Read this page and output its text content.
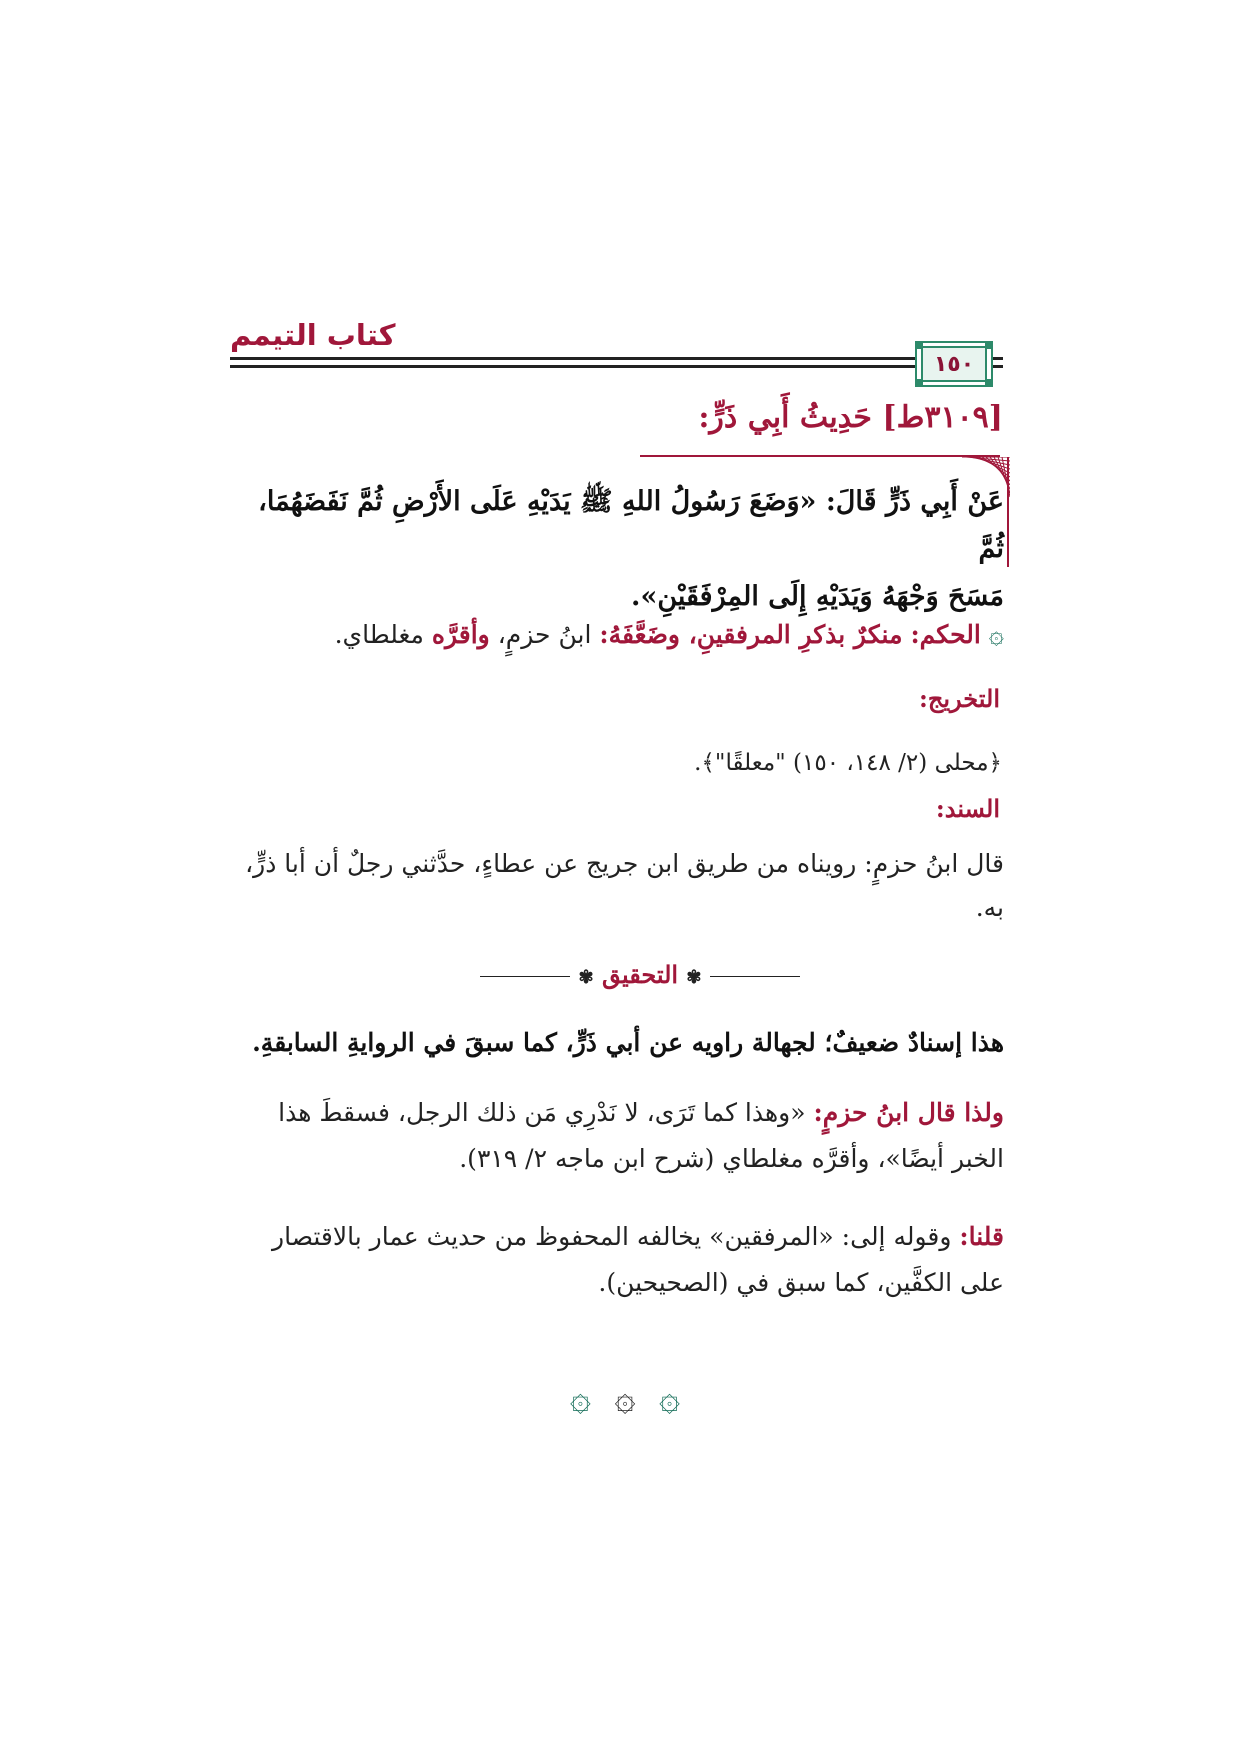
كتاب التيمم
١٥٠
[٣١٠٩ط] حَدِيثُ أَبِي ذَرٍّ:
عَنْ أَبِي ذَرٍّ قَالَ: «وَضَعَ رَسُولُ اللهِ ﷺ يَدَيْهِ عَلَى الأَرْضِ ثُمَّ نَفَضَهُمَا، ثُمَّ
مَسَحَ وَجْهَهُ وَيَدَيْهِ إِلَى المِرْفَقَيْنِ».
۞ الحكم: منكرٌ بذكرِ المرفقينِ، وضَعَّفَهُ: ابنُ حزمٍ، وأقرَّه مغلطاي.
التخريج:
﴿محلى (٢/ ١٤٨، ١٥٠) "معلقًا"﴾.
السند:
قال ابنُ حزمٍ: رويناه من طريق ابن جريج عن عطاءٍ، حدَّثني رجلٌ أن أبا ذرٍّ، به.
✾ التحقيق ✾
هذا إسنادٌ ضعيفٌ؛ لجهالة راويه عن أبي ذَرٍّ، كما سبقَ في الروايةِ السابقةِ.
ولذا قال ابنُ حزمٍ: «وهذا كما تَرَى، لا نَدْرِي مَن ذلك الرجل، فسقطَ هذا الخبر أيضًا»، وأقرَّه مغلطاي (شرح ابن ماجه ٢/ ٣١٩).
قلنا: وقوله إلى: «المرفقين» يخالفه المحفوظ من حديث عمار بالاقتصار على الكفَّين، كما سبق في (الصحيحين).
۞ ۞ ۞
